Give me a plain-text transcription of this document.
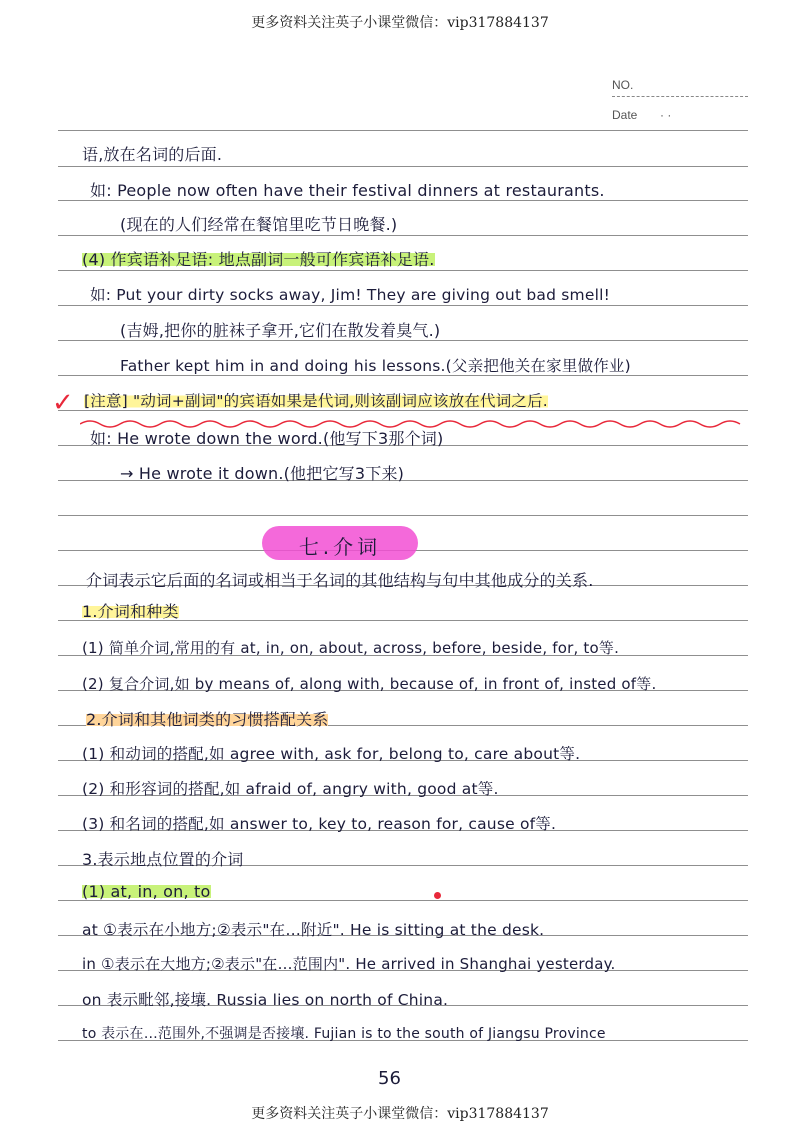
更多资料关注英子小课堂微信：vip317884137
NO.
Date · ·
语,放在名词的后面.
如: People now often have their festival dinners at restaurants.
(现在的人们经常在餐馆里吃节日晚餐.)
(4) 作宾语补足语: 地点副词一般可作宾语补足语.
如: Put your dirty socks away, Jim! They are giving out bad smell!
(吉姆,把你的脏袜子拿开,它们在散发着臭气.)
Father kept him in and doing his lessons.(父亲把他关在家里做作业)
✓ [注意] "动词+副词"的宾语如果是代词,则该副词应该放在代词之后.
如: He wrote down the word.(他写下3那个词)
→ He wrote it down.(他把它写3下来)
七.介词
介词表示它后面的名词或相当于名词的其他结构与句中其他成分的关系.
1.介词和种类
(1) 简单介词,常用的有 at, in, on, about, across, before, beside, for, to等.
(2) 复合介词,如 by means of, along with, because of, in front of, insted of等.
2.介词和其他词类的习惯搭配关系
(1) 和动词的搭配,如 agree with, ask for, belong to, care about等.
(2) 和形容词的搭配,如 afraid of, angry with, good at等.
(3) 和名词的搭配,如 answer to, key to, reason for, cause of等.
3.表示地点位置的介词
(1) at, in, on, to
at ①表示在小地方;②表示"在…附近". He is sitting at the desk.
in ①表示在大地方;②表示"在…范围内". He arrived in Shanghai yesterday.
on 表示毗邻,接壤. Russia lies on north of China.
to 表示在…范围外,不强调是否接壤. Fujian is to the south of Jiangsu Province
56
更多资料关注英子小课堂微信：vip317884137
